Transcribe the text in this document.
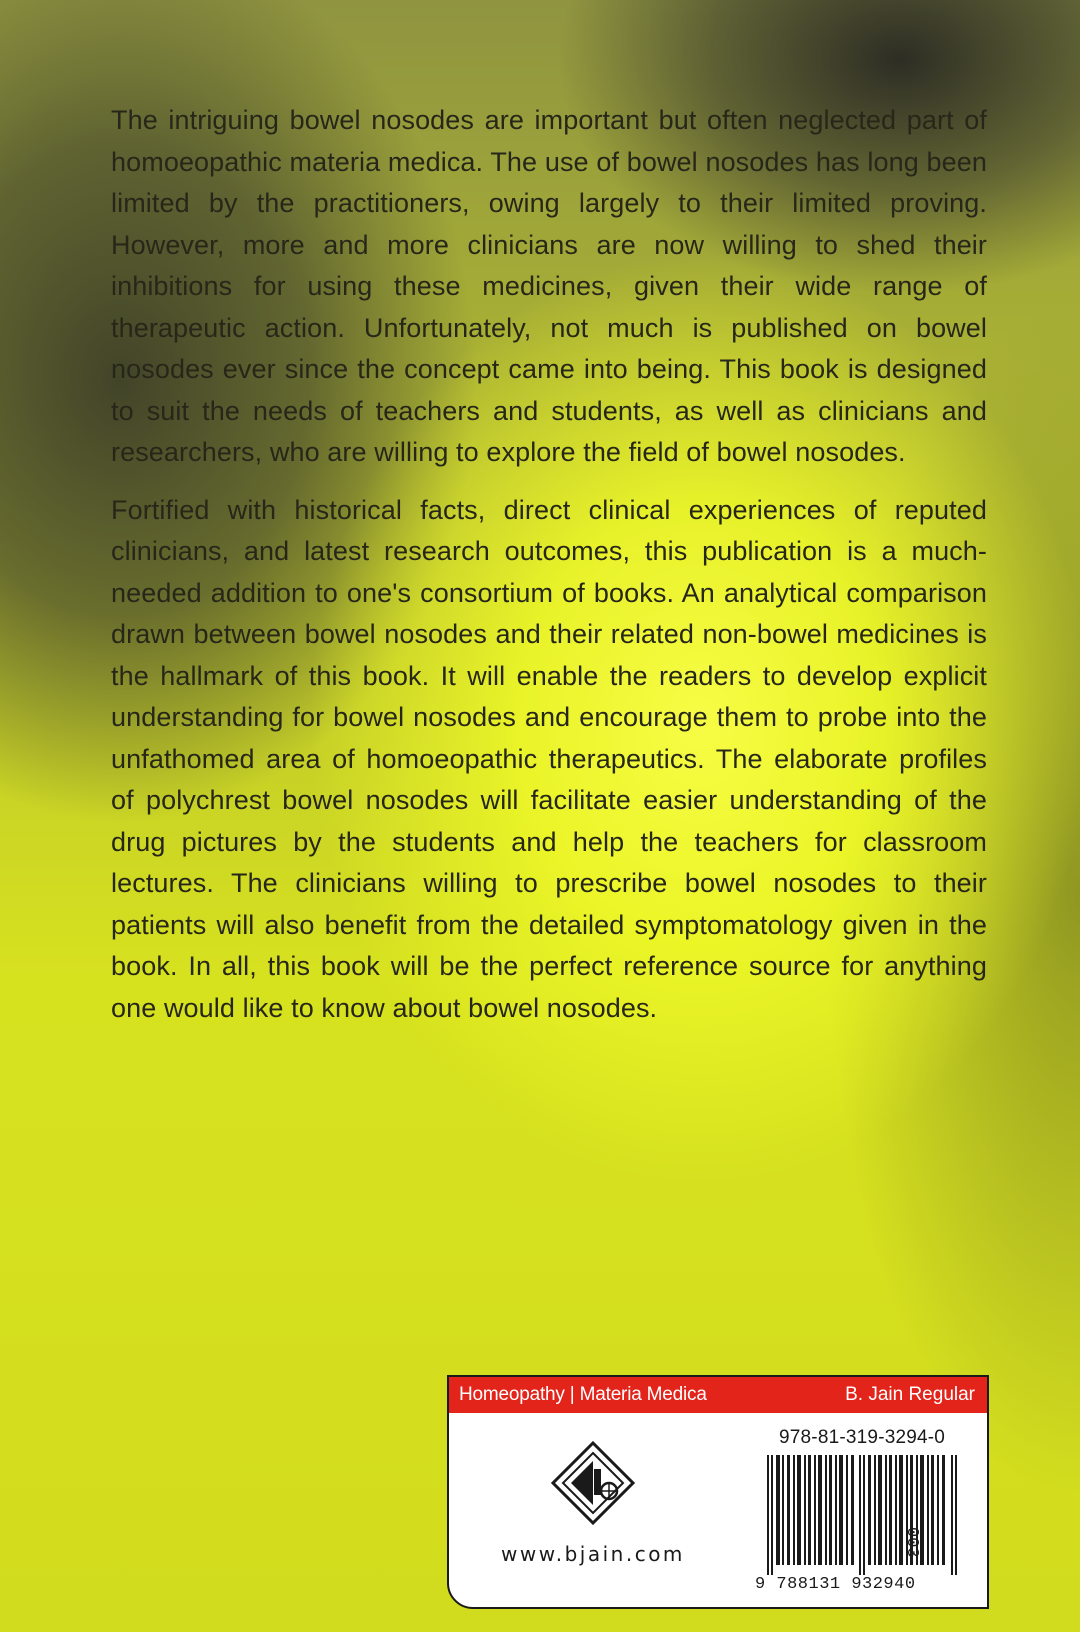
The intriguing bowel nosodes are important but often neglected part of homoeopathic materia medica. The use of bowel nosodes has long been limited by the practitioners, owing largely to their limited proving. However, more and more clinicians are now willing to shed their inhibitions for using these medicines, given their wide range of therapeutic action. Unfortunately, not much is published on bowel nosodes ever since the concept came into being. This book is designed to suit the needs of teachers and students, as well as clinicians and researchers, who are willing to explore the field of bowel nosodes.

Fortified with historical facts, direct clinical experiences of reputed clinicians, and latest research outcomes, this publication is a much-needed addition to one's consortium of books. An analytical comparison drawn between bowel nosodes and their related non-bowel medicines is the hallmark of this book. It will enable the readers to develop explicit understanding for bowel nosodes and encourage them to probe into the unfathomed area of homoeopathic therapeutics. The elaborate profiles of polychrest bowel nosodes will facilitate easier understanding of the drug pictures by the students and help the teachers for classroom lectures. The clinicians willing to prescribe bowel nosodes to their patients will also benefit from the detailed symptomatology given in the book. In all, this book will be the perfect reference source for anything one would like to know about bowel nosodes.

Homeopathy | Materia Medica	B. Jain Regular
www.bjain.com
978-81-319-3294-0
9 788131 932940
003
